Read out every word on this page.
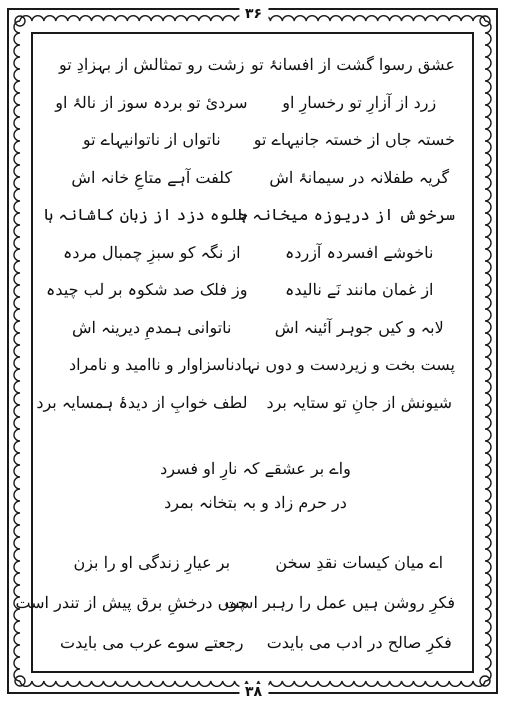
۳۶
۳۸
عشق رسوا گشت از افسانۂ تو
زشت رو تمثالش از بہزادِ تو
زرد از آزارِ تو رخسارِ او
سردیٔ تو بردہ سوز از نالۂ او
خستہ جاں از خستہ جانیہاے تو
ناتواں از ناتوانیہاے تو
گریہ طفلانہ در سیمانۂ اش
کلفت آہے متاعِ خانہ اش
سرخوش از دریوزہ میخانہ ہا
جلوہ دزد از زبان کاشانہ ہا
ناخوشے افسردہ آزردہ
از نگہ کو سبزِ چمبال مردہ
از غمان مانند نَے نالیدہ
وز فلک صد شکوہ بر لب چیدہ
لابہ و کیں جوہر آئینہ اش
ناتوانی ہمدمِ دیرینہ اش
پست بخت و زیردست و دوں نہاد
ناسزاوار و ناامید و نامراد
شیونش از جانِ تو ستایہ برد
لطف خوابِ از دیدۂ ہمسایہ برد
واے بر عشقے کہ نارِ او فسرد
در حرم زاد و بہ بتخانہ بمرد
اے میان کیسات نقدِ سخن
بر عیارِ زندگی او را بزن
فکرِ روشن ہیں عمل را رہبر است
چوں درخشِ برق پیش از تندر است
فکرِ صالح در ادب می بایدت
رجعتے سوے عرب می بایدت
